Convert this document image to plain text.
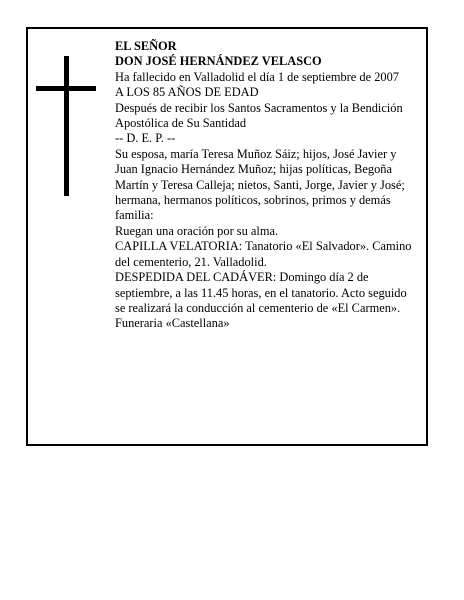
EL SEÑOR

DON JOSÉ HERNÁNDEZ VELASCO

Ha fallecido en Valladolid el día 1 de septiembre de 2007

A LOS 85 AÑOS DE EDAD

Después de recibir los Santos Sacramentos y la Bendición Apostólica de Su Santidad

-- D. E. P. --

Su esposa, maría Teresa Muñoz Sáiz; hijos, José Javier y Juan Ignacio Hernández Muñoz; hijas políticas, Begoña Martín y Teresa Calleja; nietos, Santi, Jorge, Javier y José; hermana, hermanos políticos, sobrinos, primos y demás familia:

Ruegan una oración por su alma.

CAPILLA VELATORIA: Tanatorio «El Salvador». Camino del cementerio, 21. Valladolid.

DESPEDIDA DEL CADÁVER: Domingo día 2 de septiembre, a las 11.45 horas, en el tanatorio. Acto seguido se realizará la conducción al cementerio de «El Carmen».

Funeraria «Castellana»
